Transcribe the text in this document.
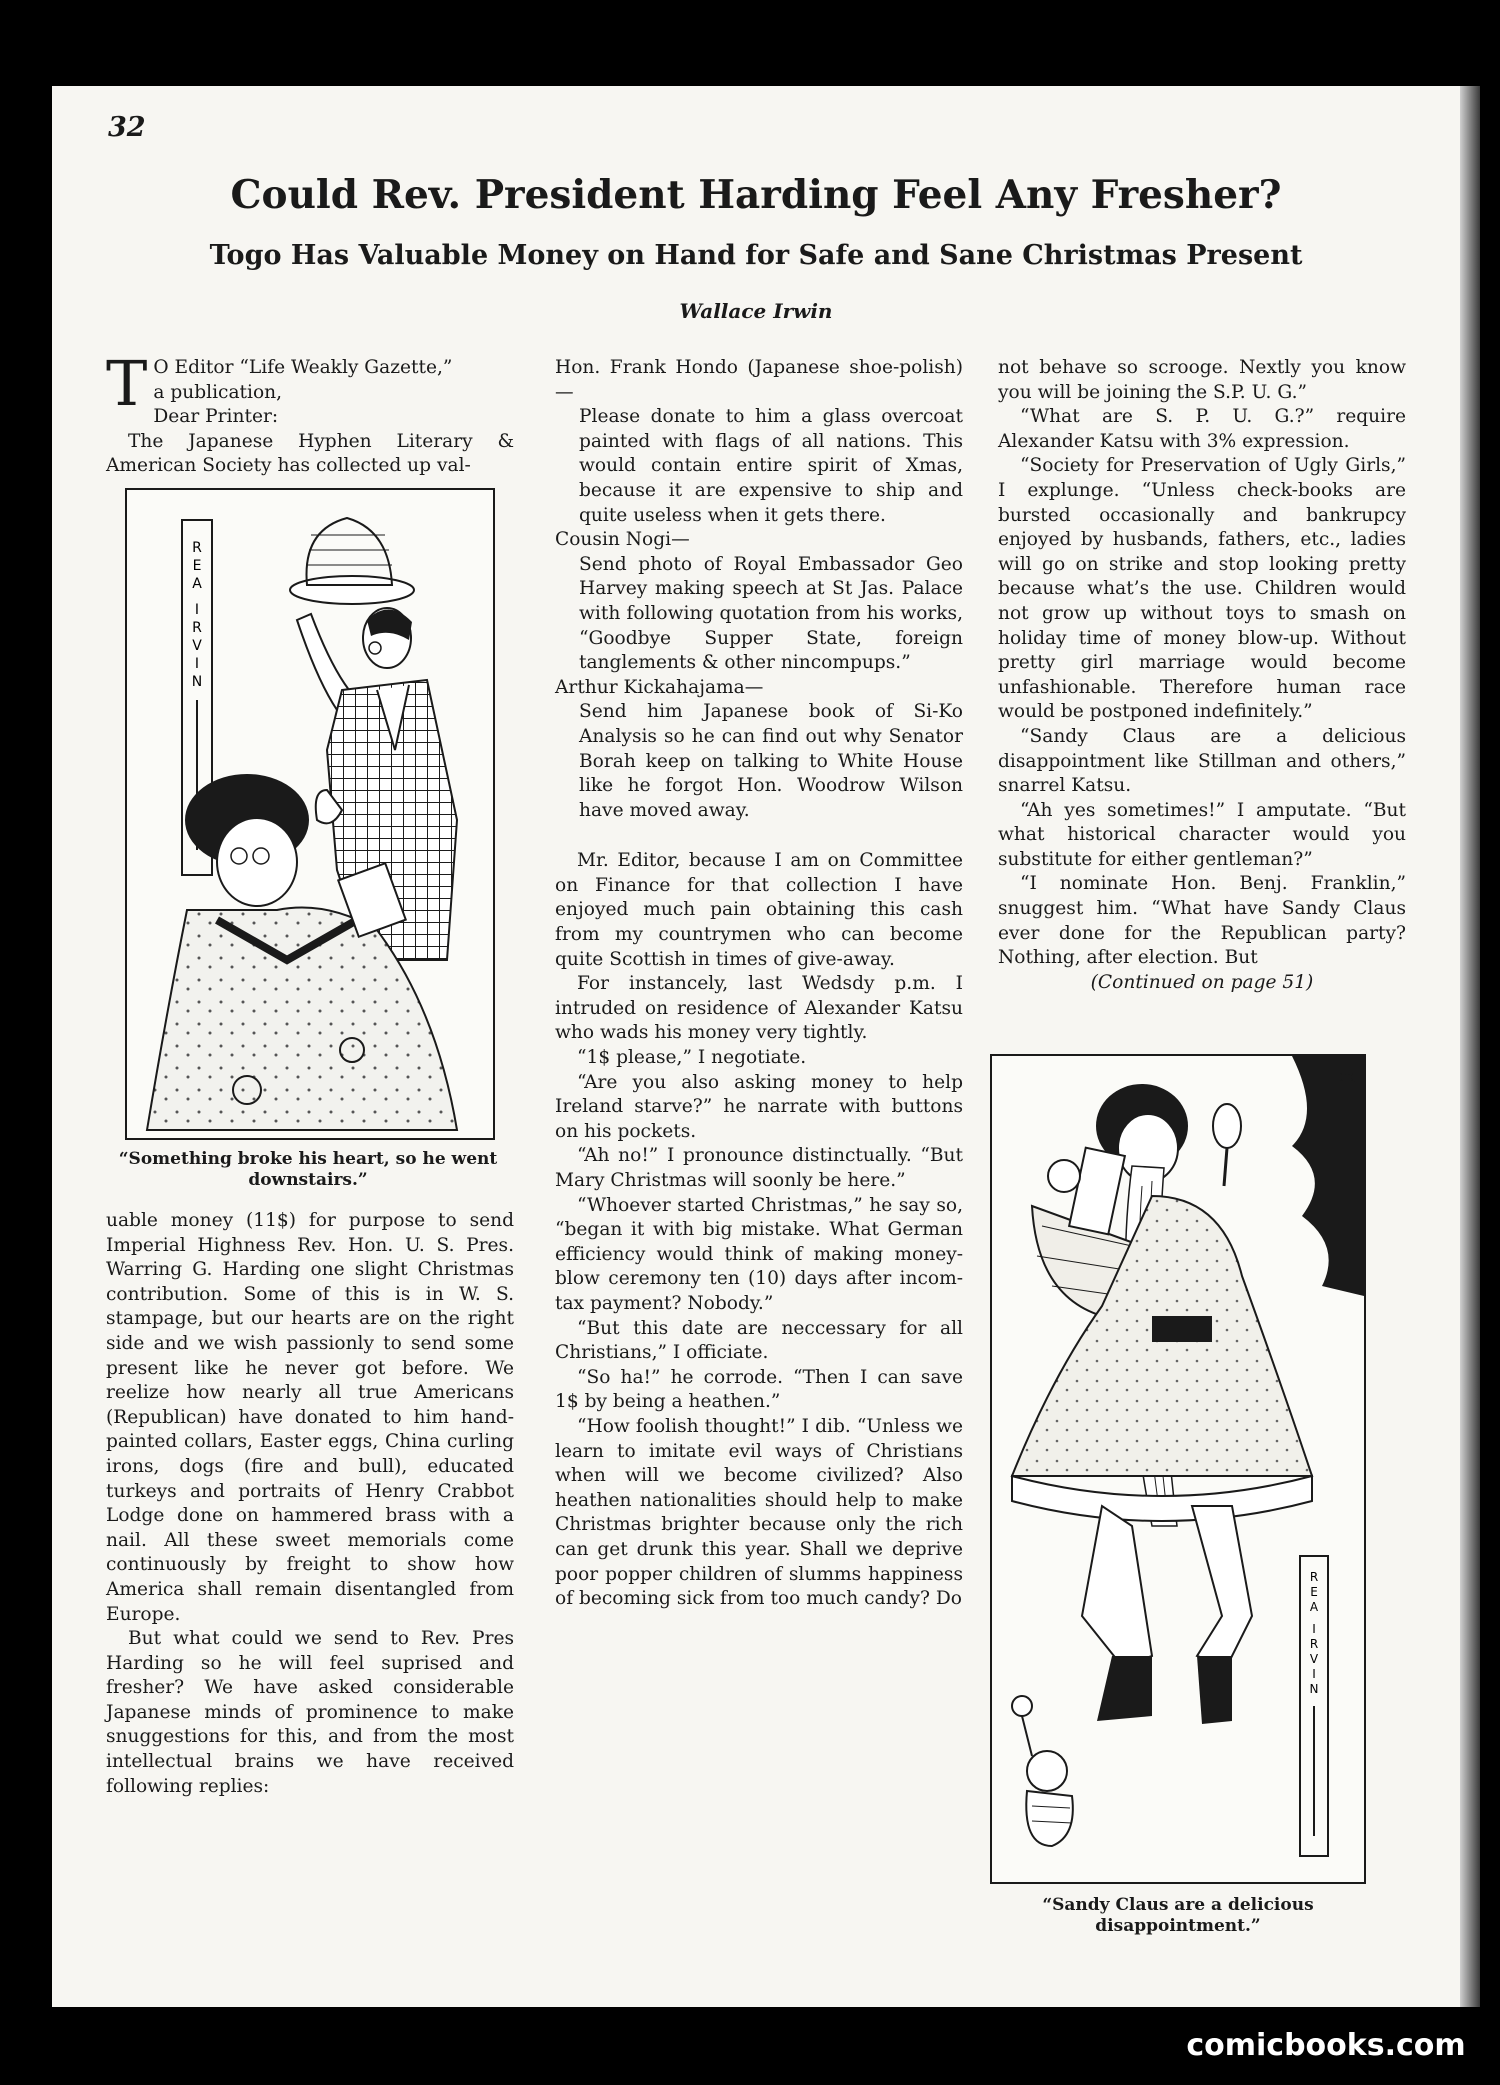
32
Could Rev. President Harding Feel Any Fresher?
Togo Has Valuable Money on Hand for Safe and Sane Christmas Present
Wallace Irwin
T O Editor “Life Weakly Gazette,”

a publication,

Dear Printer:

The Japanese Hyphen Literary & American Society has collected up val-

R
E
A
I
R
V
I
N
“Something broke his heart, so he went downstairs.”

uable money (11$) for purpose to send Imperial Highness Rev. Hon. U. S. Pres. Warring G. Harding one slight Christmas contribution. Some of this is in W. S. stampage, but our hearts are on the right side and we wish passionly to send some present like he never got before. We reelize how nearly all true Americans (Republican) have donated to him hand-painted collars, Easter eggs, China curling irons, dogs (fire and bull), educated turkeys and portraits of Henry Crabbot Lodge done on hammered brass with a nail. All these sweet memorials come continuously by freight to show how America shall remain disentangled from Europe.

But what could we send to Rev. Pres Harding so he will feel suprised and fresher? We have asked considerable Japanese minds of prominence to make snuggestions for this, and from the most intellectual brains we have received following replies:

Hon. Frank Hondo (Japanese shoe-polish)—

Please donate to him a glass overcoat painted with flags of all nations. This would contain entire spirit of Xmas, because it are expensive to ship and quite useless when it gets there.

Cousin Nogi—

Send photo of Royal Embassador Geo Harvey making speech at St Jas. Palace with following quotation from his works, “Goodbye Supper State, foreign tanglements & other nincompups.”

Arthur Kickahajama—

Send him Japanese book of Si-Ko Analysis so he can find out why Senator Borah keep on talking to White House like he forgot Hon. Woodrow Wilson have moved away.

Mr. Editor, because I am on Committee on Finance for that collection I have enjoyed much pain obtaining this cash from my countrymen who can become quite Scottish in times of give-away.

For instancely, last Wedsdy p.m. I intruded on residence of Alexander Katsu who wads his money very tightly.

“1$ please,” I negotiate.

“Are you also asking money to help Ireland starve?” he narrate with buttons on his pockets.

“Ah no!” I pronounce distinctually. “But Mary Christmas will soonly be here.”

“Whoever started Christmas,” he say so, “began it with big mistake. What German efficiency would think of making money-blow ceremony ten (10) days after incom-tax payment? Nobody.”

“But this date are neccessary for all Christians,” I officiate.

“So ha!” he corrode. “Then I can save 1$ by being a heathen.”

“How foolish thought!” I dib. “Unless we learn to imitate evil ways of Christians when will we become civilized? Also heathen nationalities should help to make Christmas brighter because only the rich can get drunk this year. Shall we deprive poor popper children of slumms happiness of becoming sick from too much candy? Do

not behave so scrooge. Nextly you know you will be joining the S.P. U. G.”

“What are S. P. U. G.?” require Alexander Katsu with 3% expression.

“Society for Preservation of Ugly Girls,” I explunge. “Unless check-books are bursted occasionally and bankrupcy enjoyed by husbands, fathers, etc., ladies will go on strike and stop looking pretty because what’s the use. Children would not grow up without toys to smash on holiday time of money blow-up. Without pretty girl marriage would become unfashionable. Therefore human race would be postponed indefinitely.”

“Sandy Claus are a delicious disappointment like Stillman and others,” snarrel Katsu.

“Ah yes sometimes!” I amputate. “But what historical character would you substitute for either gentleman?”

“I nominate Hon. Benj. Franklin,” snuggest him. “What have Sandy Claus ever done for the Republican party? Nothing, after election. But

(Continued on page 51)

✶
R
E
A
I
R
V
I
N
“Sandy Claus are a delicious disappointment.”
comicbooks.com
